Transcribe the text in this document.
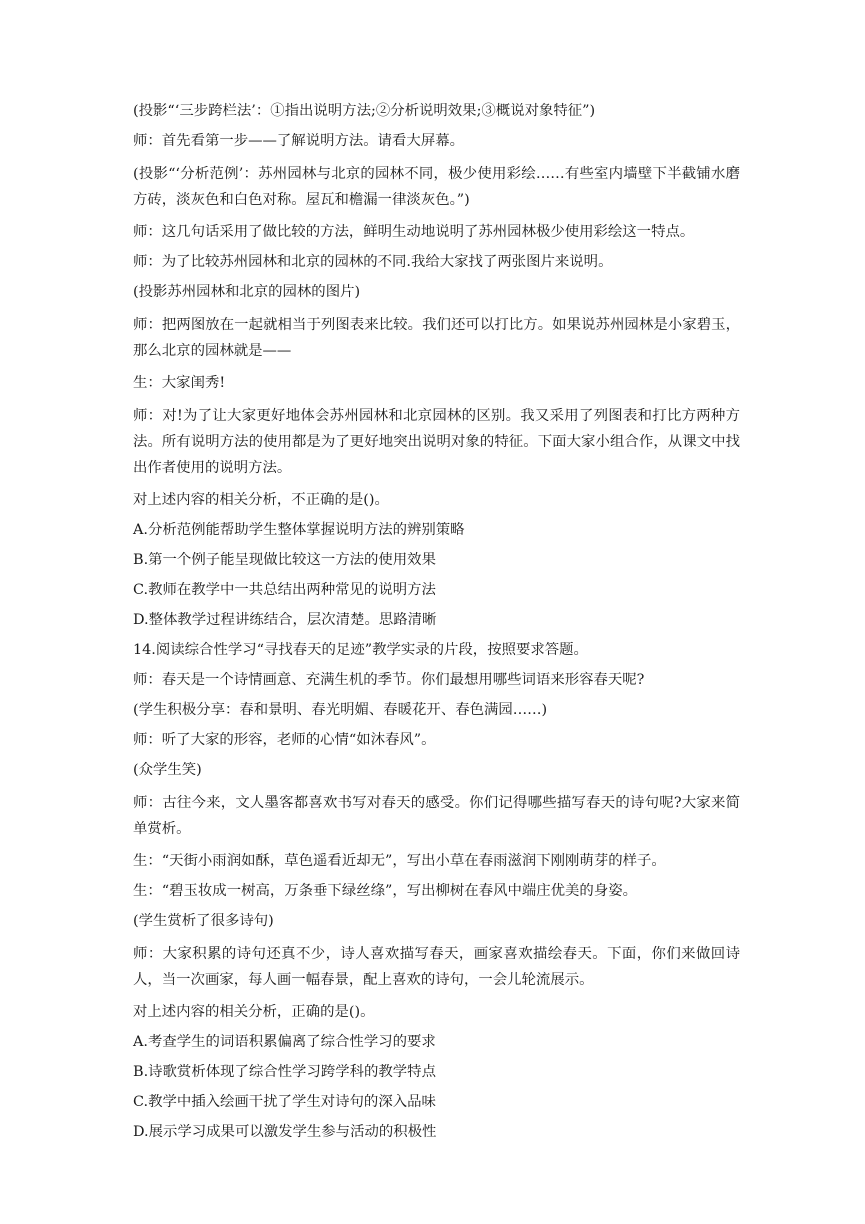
(投影“‘三步跨栏法’：①指出说明方法;②分析说明效果;③概说对象特征”)

师：首先看第一步——了解说明方法。请看大屏幕。

(投影“‘分析范例’：苏州园林与北京的园林不同，极少使用彩绘……有些室内墙壁下半截铺水磨方砖，淡灰色和白色对称。屋瓦和檐漏一律淡灰色。”)

师：这几句话采用了做比较的方法，鲜明生动地说明了苏州园林极少使用彩绘这一特点。

师：为了比较苏州园林和北京的园林的不同.我给大家找了两张图片来说明。

(投影苏州园林和北京的园林的图片)

师：把两图放在一起就相当于列图表来比较。我们还可以打比方。如果说苏州园林是小家碧玉，那么北京的园林就是——

生：大家闺秀!

师：对!为了让大家更好地体会苏州园林和北京园林的区别。我又采用了列图表和打比方两种方法。所有说明方法的使用都是为了更好地突出说明对象的特征。下面大家小组合作，从课文中找出作者使用的说明方法。

对上述内容的相关分析，不正确的是()。

A.分析范例能帮助学生整体掌握说明方法的辨别策略

B.第一个例子能呈现做比较这一方法的使用效果

C.教师在教学中一共总结出两种常见的说明方法

D.整体教学过程讲练结合，层次清楚。思路清晰

14.阅读综合性学习“寻找春天的足迹”教学实录的片段，按照要求答题。

师：春天是一个诗情画意、充满生机的季节。你们最想用哪些词语来形容春天呢?

(学生积极分享：春和景明、春光明媚、春暖花开、春色满园……)

师：听了大家的形容，老师的心情“如沐春风”。

(众学生笑)

师：古往今来，文人墨客都喜欢书写对春天的感受。你们记得哪些描写春天的诗句呢?大家来简单赏析。

生：“天街小雨润如酥，草色遥看近却无”，写出小草在春雨滋润下刚刚萌芽的样子。

生：“碧玉妆成一树高，万条垂下绿丝绦”，写出柳树在春风中端庄优美的身姿。

(学生赏析了很多诗句)

师：大家积累的诗句还真不少，诗人喜欢描写春天，画家喜欢描绘春天。下面，你们来做回诗人，当一次画家，每人画一幅春景，配上喜欢的诗句，一会儿轮流展示。

对上述内容的相关分析，正确的是()。

A.考查学生的词语积累偏离了综合性学习的要求

B.诗歌赏析体现了综合性学习跨学科的教学特点

C.教学中插入绘画干扰了学生对诗句的深入品味

D.展示学习成果可以激发学生参与活动的积极性
